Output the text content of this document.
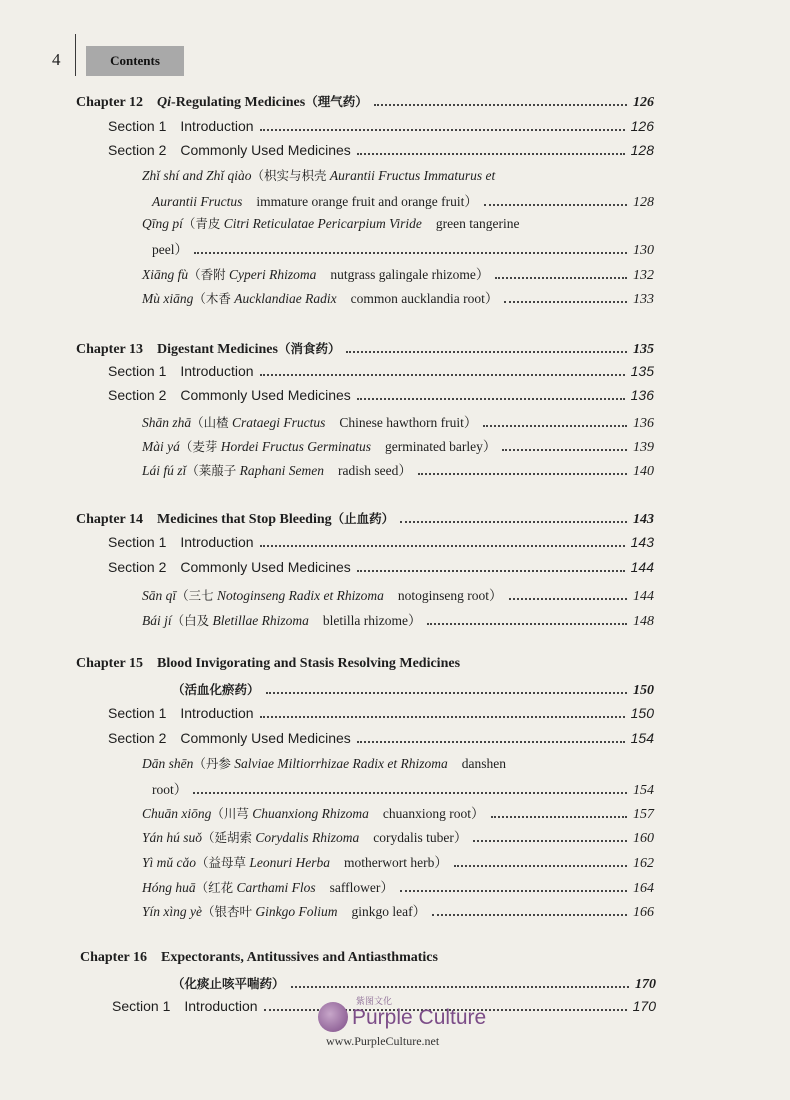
4	Contents
Chapter 12 Qi-Regulating Medicines（理气药）	126
Section 1 Introduction	126
Section 2 Commonly Used Medicines	128
Zhǐ shí and Zhǐ qiào（枳实与枳壳 Aurantii Fructus Immaturus et
Aurantii Fructus immature orange fruit and orange fruit）	128
Qīng pí（青皮 Citri Reticulatae Pericarpium Viride green tangerine
peel）	130
Xiāng fù（香附 Cyperi Rhizoma nutgrass galingale rhizome）	132
Mù xiāng（木香 Aucklandiae Radix common aucklandia root）	133
Chapter 13 Digestant Medicines（消食药）	135
Section 1 Introduction	135
Section 2 Commonly Used Medicines	136
Shān zhā（山楂 Crataegi Fructus Chinese hawthorn fruit）	136
Mài yá（麦芽 Hordei Fructus Germinatus germinated barley）	139
Lái fú zǐ（莱菔子 Raphani Semen radish seed）	140
Chapter 14 Medicines that Stop Bleeding（止血药）	143
Section 1 Introduction	143
Section 2 Commonly Used Medicines	144
Sān qī（三七 Notoginseng Radix et Rhizoma notoginseng root）	144
Bái jí（白及 Bletillae Rhizoma bletilla rhizome）	148
Chapter 15 Blood Invigorating and Stasis Resolving Medicines
（活血化瘀药）	150
Section 1 Introduction	150
Section 2 Commonly Used Medicines	154
Dān shēn（丹参 Salviae Miltiorrhizae Radix et Rhizoma danshen
root）	154
Chuān xiōng（川芎 Chuanxiong Rhizoma chuanxiong root）	157
Yán hú suǒ（延胡索 Corydalis Rhizoma corydalis tuber）	160
Yì mǔ cǎo（益母草 Leonuri Herba motherwort herb）	162
Hóng huā（红花 Carthami Flos safflower）	164
Yín xìng yè（银杏叶 Ginkgo Folium ginkgo leaf）	166
Chapter 16 Expectorants, Antitussives and Antiasthmatics
（化痰止咳平喘药）	170
Section 1 Introduction	170
紫图文化
Purple Culture
www.PurpleCulture.net
